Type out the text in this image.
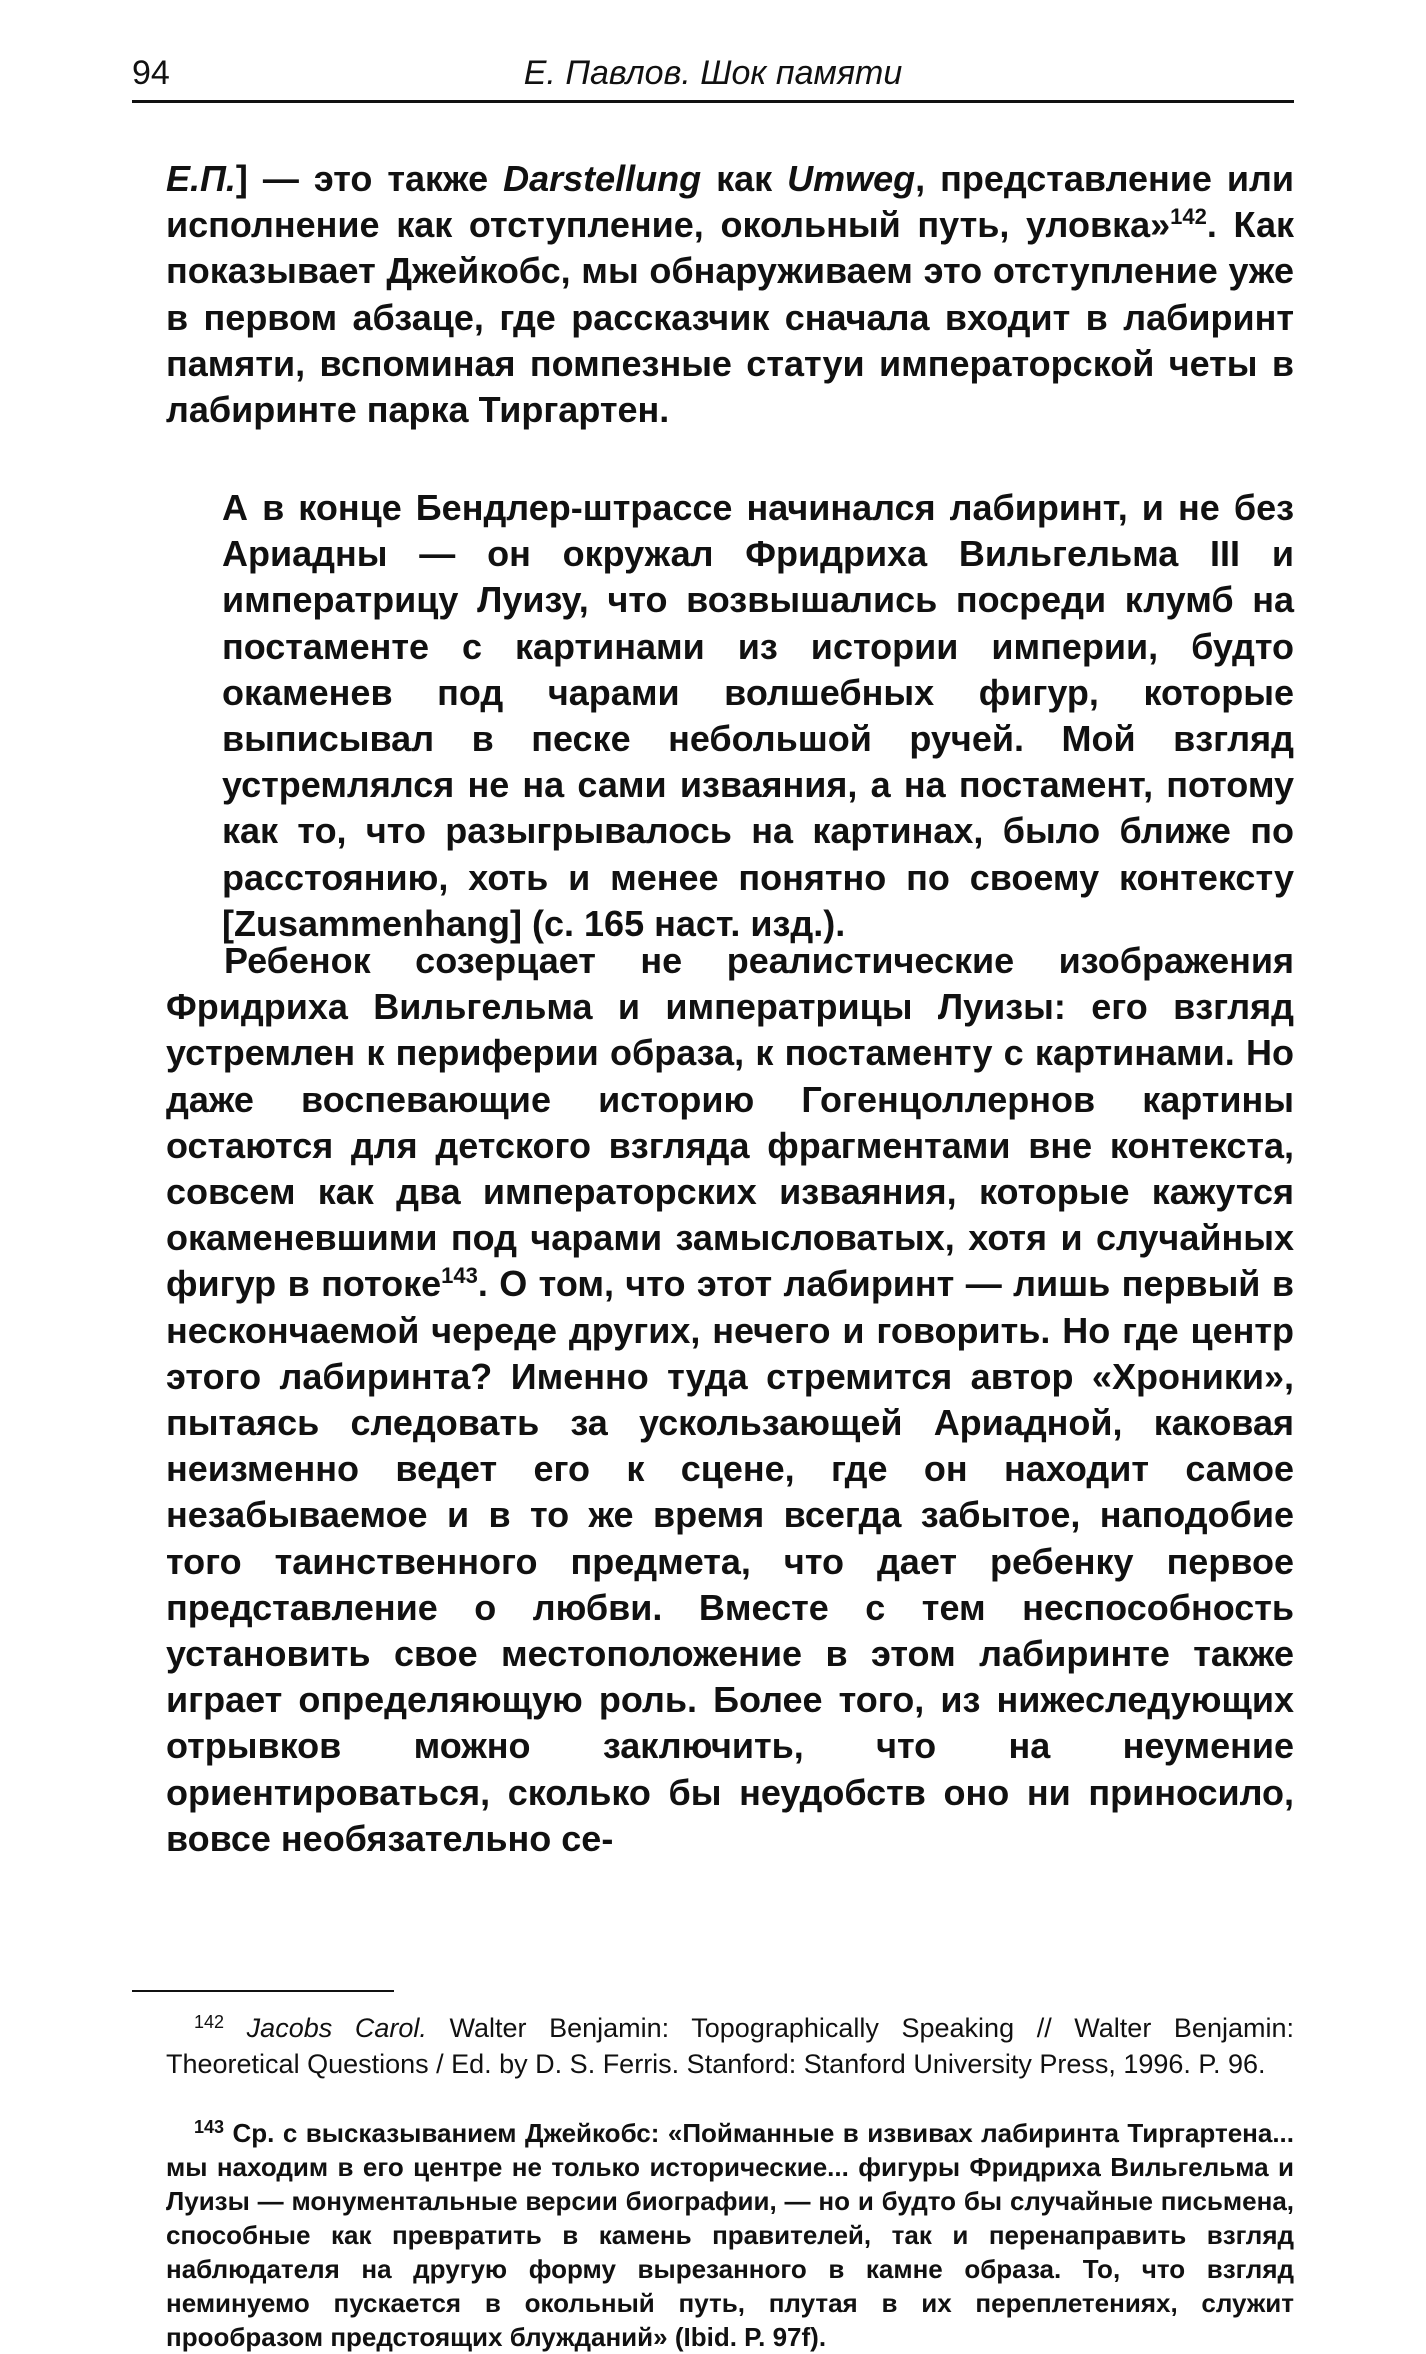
94	Е. Павлов. Шок памяти

Е.П.] — это также Darstellung как Umweg, представление или исполнение как отступление, окольный путь, уловка»$^{142}$. Как показывает Джейкобс, мы обнаруживаем это отступление уже в первом абзаце, где рассказчик сначала входит в лабиринт памяти, вспоминая помпезные статуи императорской четы в лабиринте парка Тиргартен.

А в конце Бендлер-штрассе начинался лабиринт, и не без Ариадны — он окружал Фридриха Вильгельма III и императрицу Луизу, что возвышались посреди клумб на постаменте с картинами из истории империи, будто окаменев под чарами волшебных фигур, которые выписывал в песке небольшой ручей. Мой взгляд устремлялся не на сами изваяния, а на постамент, потому как то, что разыгрывалось на картинах, было ближе по расстоянию, хоть и менее понятно по своему контексту [Zusammenhang] (с. 165 наст. изд.).

Ребенок созерцает не реалистические изображения Фридриха Вильгельма и императрицы Луизы: его взгляд устремлен к периферии образа, к постаменту с картинами. Но даже воспевающие историю Гогенцоллернов картины остаются для детского взгляда фрагментами вне контекста, совсем как два императорских изваяния, которые кажутся окаменевшими под чарами замысловатых, хотя и случайных фигур в потоке$^{143}$. О том, что этот лабиринт — лишь первый в нескончаемой череде других, нечего и говорить. Но где центр этого лабиринта? Именно туда стремится автор «Хроники», пытаясь следовать за ускользающей Ариадной, каковая неизменно ведет его к сцене, где он находит самое незабываемое и в то же время всегда забытое, наподобие того таинственного предмета, что дает ребенку первое представление о любви. Вместе с тем неспособность установить свое местоположение в этом лабиринте также играет определяющую роль. Более того, из нижеследующих отрывков можно заключить, что на неумение ориентироваться, сколько бы неудобств оно ни приносило, вовсе необязательно се-

$^{142}$ Jacobs Carol. Walter Benjamin: Topographically Speaking // Walter Benjamin: Theoretical Questions / Ed. by D. S. Ferris. Stanford: Stanford University Press, 1996. P. 96.

$^{143}$ Ср. с высказыванием Джейкобс: «Пойманные в извивах лабиринта Тиргартена... мы находим в его центре не только исторические... фигуры Фридриха Вильгельма и Луизы — монументальные версии биографии, — но и будто бы случайные письмена, способные как превратить в камень правителей, так и перенаправить взгляд наблюдателя на другую форму вырезанного в камне образа. То, что взгляд неминуемо пускается в окольный путь, плутая в их переплетениях, служит прообразом предстоящих блужданий» (Ibid. P. 97f).
